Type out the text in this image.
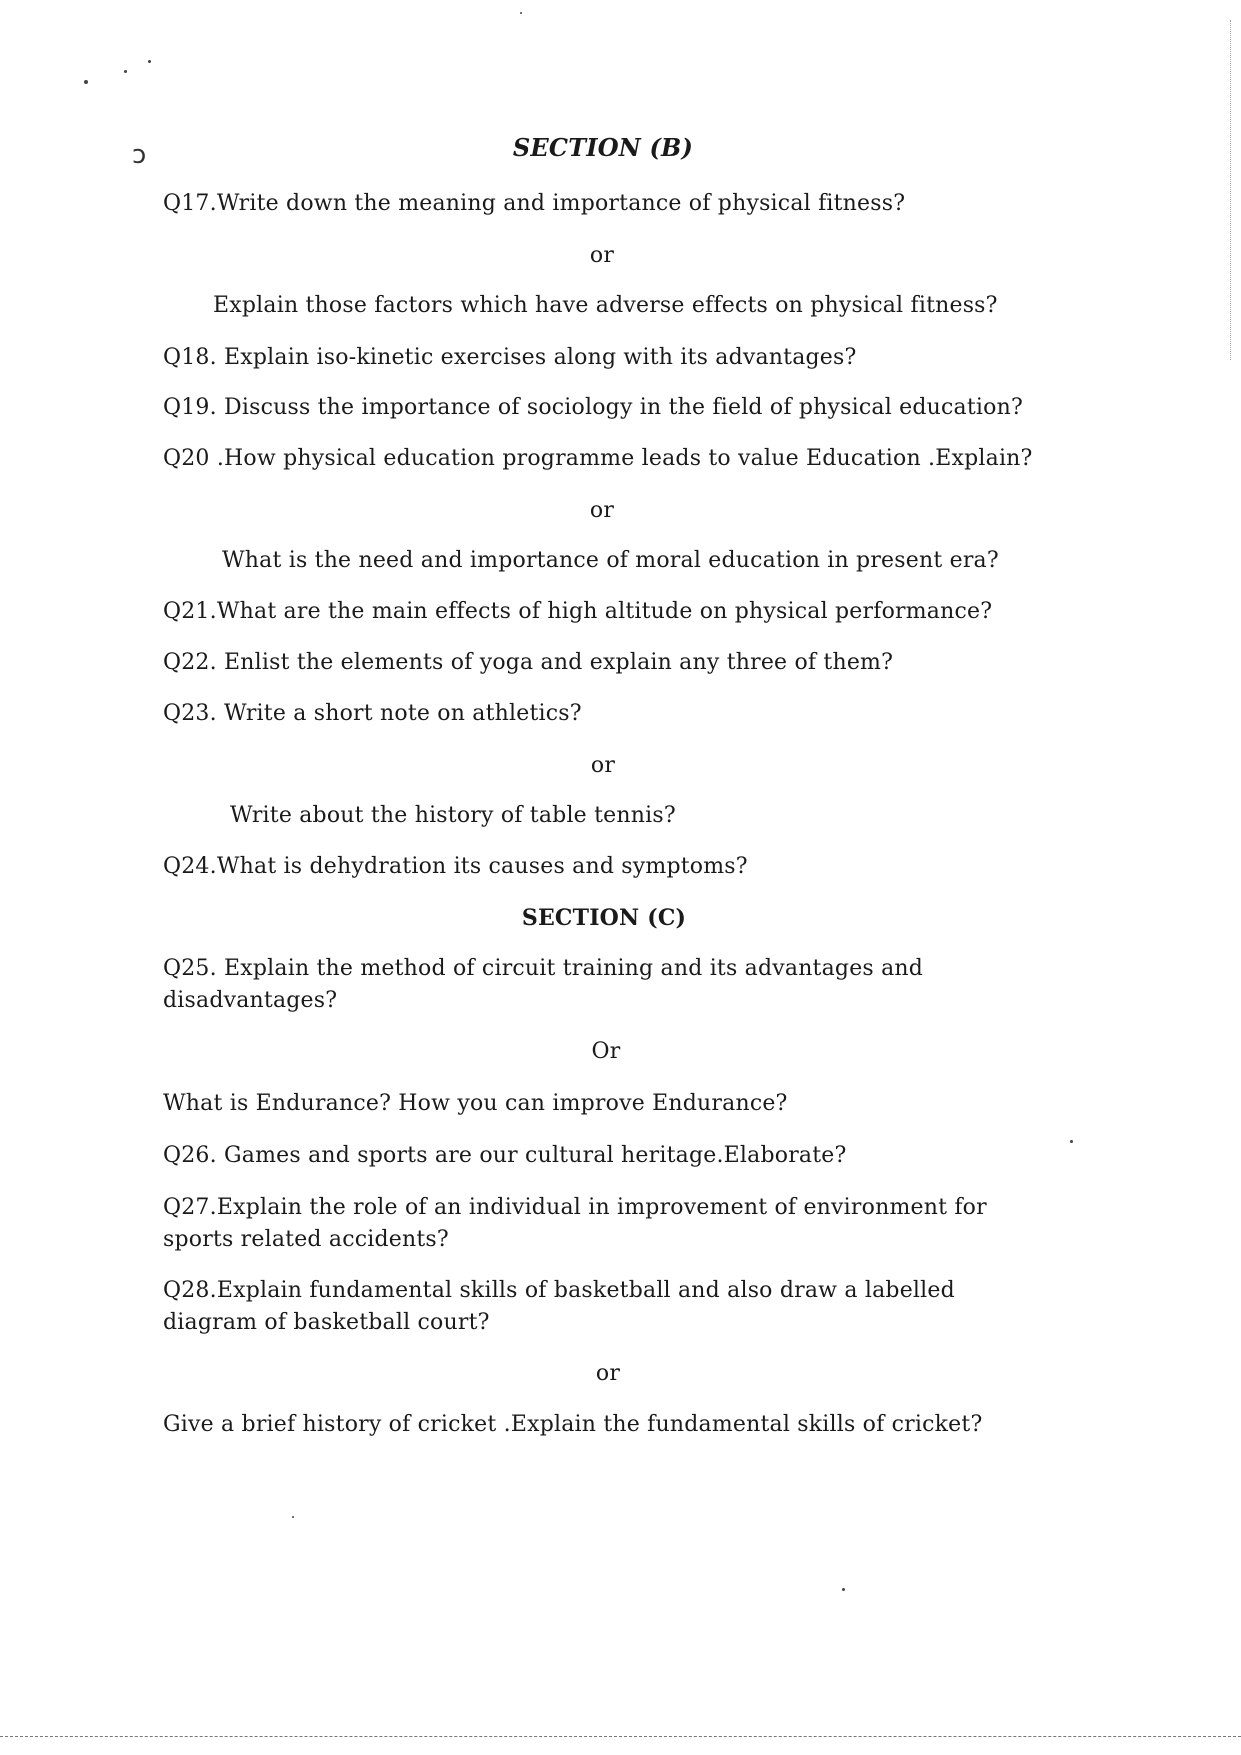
ↄ	SECTION (B)
Q17.Write down the meaning and importance of physical fitness?
or
Explain those factors which have adverse effects on physical fitness?
Q18. Explain iso-kinetic exercises along with its advantages?
Q19. Discuss the importance of sociology in the field of physical education?
Q20 .How physical education programme leads to value Education .Explain?
or
What is the need and importance of moral education in present era?
Q21.What are the main effects of high altitude on physical performance?
Q22. Enlist the elements of yoga and explain any three of them?
Q23. Write a short note on athletics?
or
Write about the history of table tennis?
Q24.What is dehydration its causes and symptoms?
SECTION (C)
Q25. Explain the method of circuit training and its advantages and disadvantages?
Or
What is Endurance? How you can improve Endurance?
Q26. Games and sports are our cultural heritage.Elaborate?
Q27.Explain the role of an individual in improvement of environment for sports related accidents?
Q28.Explain fundamental skills of basketball and also draw a labelled diagram of basketball court?
or
Give a brief history of cricket .Explain the fundamental skills of cricket?
